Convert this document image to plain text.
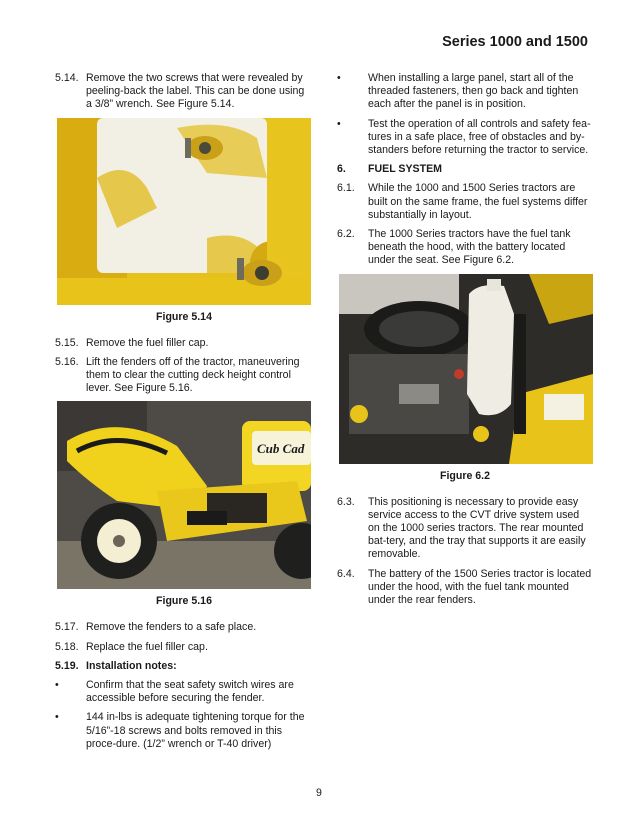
Series 1000 and 1500
5.14. Remove the two screws that were revealed by peeling-back the label. This can be done using a 3/8” wrench. See Figure 5.14.
Figure 5.14
5.15. Remove the fuel filler cap.
5.16. Lift the fenders off of the tractor, maneuvering them to clear the cutting deck height control lever. See Figure 5.16.
Cub Cad
Figure 5.16
5.17. Remove the fenders to a safe place.
5.18. Replace the fuel filler cap.
5.19. Installation notes:
•	Confirm that the seat safety switch wires are accessible before securing the fender.
•	144 in-lbs is adequate tightening torque for the 5/16”-18 screws and bolts removed in this proce-dure. (1/2” wrench or T-40 driver)
•	When installing a large panel, start all of the threaded fasteners, then go back and tighten each after the panel is in position.
•	Test the operation of all controls and safety fea-tures in a safe place, free of obstacles and by-standers before returning the tractor to service.
6.	FUEL SYSTEM
6.1.	While the 1000 and 1500 Series tractors are built on the same frame, the fuel systems differ substantially in layout.
6.2.	The 1000 Series tractors have the fuel tank beneath the hood, with the battery located under the seat. See Figure 6.2.
Figure 6.2
6.3.	This positioning is necessary to provide easy service access to the CVT drive system used on the 1000 series tractors. The rear mounted bat-tery, and the tray that supports it are easily removable.
6.4.	The battery of the 1500 Series tractor is located under the hood, with the fuel tank mounted under the rear fenders.
9
